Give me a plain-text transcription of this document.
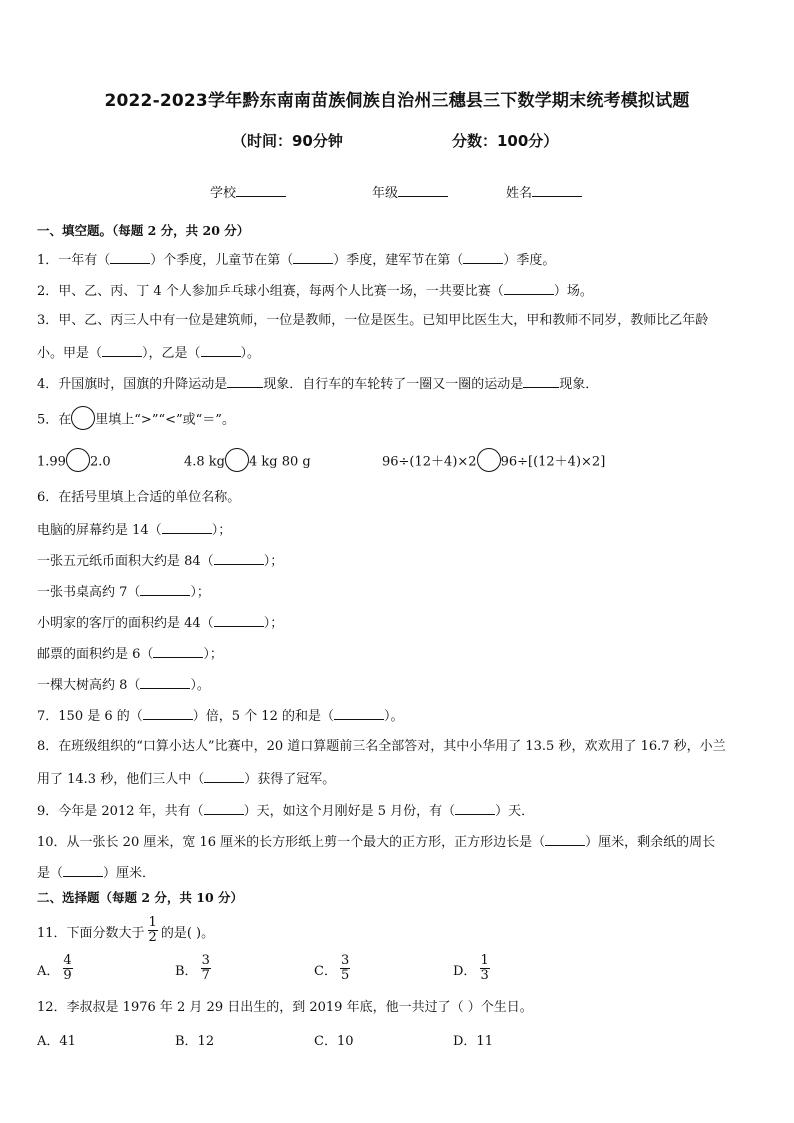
2022-2023学年黔东南南苗族侗族自治州三穗县三下数学期末统考模拟试题
（时间：90分钟	分数：100分）
学校	年级	姓名
一、填空题。（每题 2 分，共 20 分）
1．一年有（	）个季度，儿童节在第（	）季度，建军节在第（	）季度。
2．甲、乙、丙、丁 4 个人参加乒乓球小组赛，每两个人比赛一场，一共要比赛（	）场。
3．甲、乙、丙三人中有一位是建筑师，一位是教师，一位是医生。已知甲比医生大，甲和教师不同岁，教师比乙年龄
小。甲是（	），乙是（	）。
4．升国旗时，国旗的升降运动是	现象．自行车的车轮转了一圈又一圈的运动是	现象．
5．在 里填上“>”“<”或“＝”。
1.99 2.0	4.8 kg 4 kg 80 g	96÷(12＋4)×2 96÷[(12＋4)×2]
6．在括号里填上合适的单位名称。
电脑的屏幕约是 14（	）；
一张五元纸币面积大约是 84（	）；
一张书桌高约 7（	）；
小明家的客厅的面积约是 44（	）；
邮票的面积约是 6（	）；
一棵大树高约 8（	）。
7．150 是 6 的（	）倍，5 个 12 的和是（	）。
8．在班级组织的“口算小达人”比赛中，20 道口算题前三名全部答对，其中小华用了 13.5 秒，欢欢用了 16.7 秒，小兰
用了 14.3 秒，他们三人中（	）获得了冠军。
9．今年是 2012 年，共有（	）天，如这个月刚好是 5 月份，有（	）天．
10．从一张长 20 厘米，宽 16 厘米的长方形纸上剪一个最大的正方形，正方形边长是（	）厘米，剩余纸的周长
是（	）厘米．
二、选择题（每题 2 分，共 10 分）
11．下面分数大于 $\frac{1}{2}$ 的是( )。
A． $\frac{4}{9}$	B． $\frac{3}{7}$	C． $\frac{3}{5}$	D． $\frac{1}{3}$
12．李叔叔是 1976 年 2 月 29 日出生的，到 2019 年底，他一共过了（ ）个生日。
A．41	B．12	C．10	D．11
